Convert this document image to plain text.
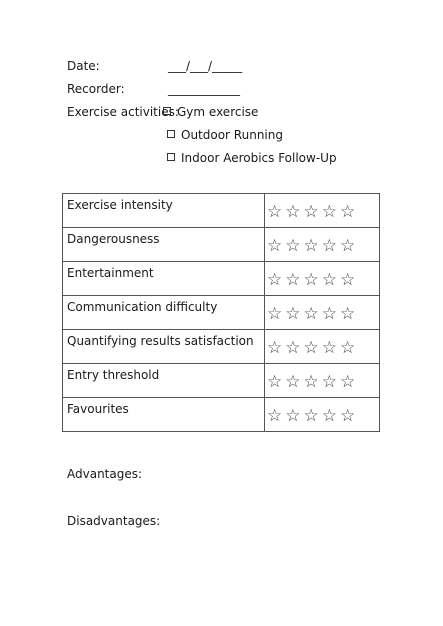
Date:	___/___/_____
Recorder:	____________
Exercise activities:
Gym exercise
Outdoor Running
Indoor Aerobics Follow-Up
Exercise intensity	☆ ☆ ☆ ☆ ☆
Dangerousness	☆ ☆ ☆ ☆ ☆
Entertainment	☆ ☆ ☆ ☆ ☆
Communication difficulty	☆ ☆ ☆ ☆ ☆
Quantifying results satisfaction	☆ ☆ ☆ ☆ ☆
Entry threshold	☆ ☆ ☆ ☆ ☆
Favourites	☆ ☆ ☆ ☆ ☆
Advantages:
Disadvantages:
